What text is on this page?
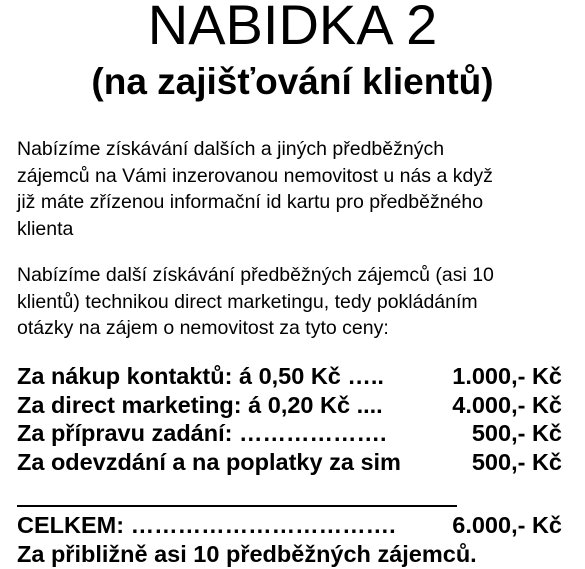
NABIDKA 2
(na zajišťování klientů)
Nabízíme získávání dalších a jiných předběžných
zájemců na Vámi inzerovanou nemovitost u nás a když
již máte zřízenou informační id kartu pro předběžného
klienta
Nabízíme další získávání předběžných zájemců (asi 10
klientů) technikou direct marketingu, tedy pokládáním
otázky na zájem o nemovitost za tyto ceny:
Za nákup kontaktů: á 0,50 Kč …..	1.000,- Kč
Za direct marketing: á 0,20 Kč ....	4.000,- Kč
Za přípravu zadání: ……………….	500,- Kč
Za odevzdání a na poplatky za sim	500,- Kč
CELKEM: ……………………………. 6.000,- Kč
Za přibližně asi 10 předběžných zájemců.
